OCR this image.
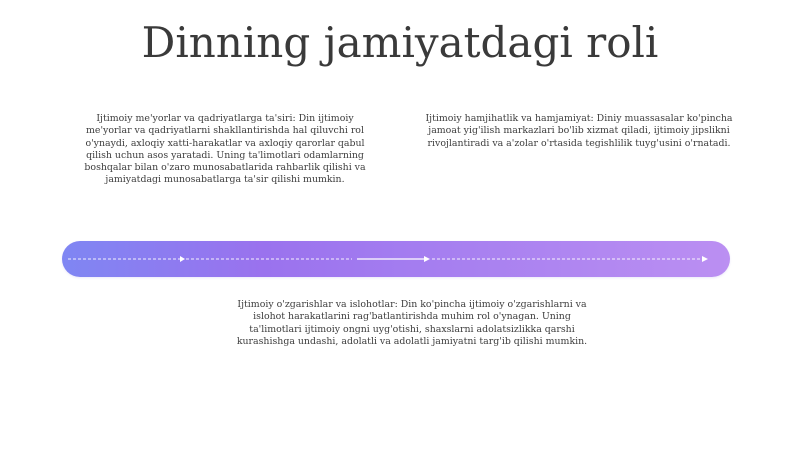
Dinning jamiyatdagi roli
Ijtimoiy me'yorlar va qadriyatlarga ta'siri: Din ijtimoiy me'yorlar va qadriyatlarni shakllantirishda hal qiluvchi rol o'ynaydi, axloqiy xatti-harakatlar va axloqiy qarorlar qabul qilish uchun asos yaratadi. Uning ta'limotlari odamlarning boshqalar bilan o'zaro munosabatlarida rahbarlik qilishi va jamiyatdagi munosabatlarga ta'sir qilishi mumkin.
Ijtimoiy hamjihatlik va hamjamiyat: Diniy muassasalar ko'pincha jamoat yig'ilish markazlari bo'lib xizmat qiladi, ijtimoiy jipslikni rivojlantiradi va a'zolar o'rtasida tegishlilik tuyg'usini o'rnatadi.
Ijtimoiy o'zgarishlar va islohotlar: Din ko'pincha ijtimoiy o'zgarishlarni va islohot harakatlarini rag'batlantirishda muhim rol o'ynagan. Uning ta'limotlari ijtimoiy ongni uyg'otishi, shaxslarni adolatsizlikka qarshi kurashishga undashi, adolatli va adolatli jamiyatni targ'ib qilishi mumkin.
